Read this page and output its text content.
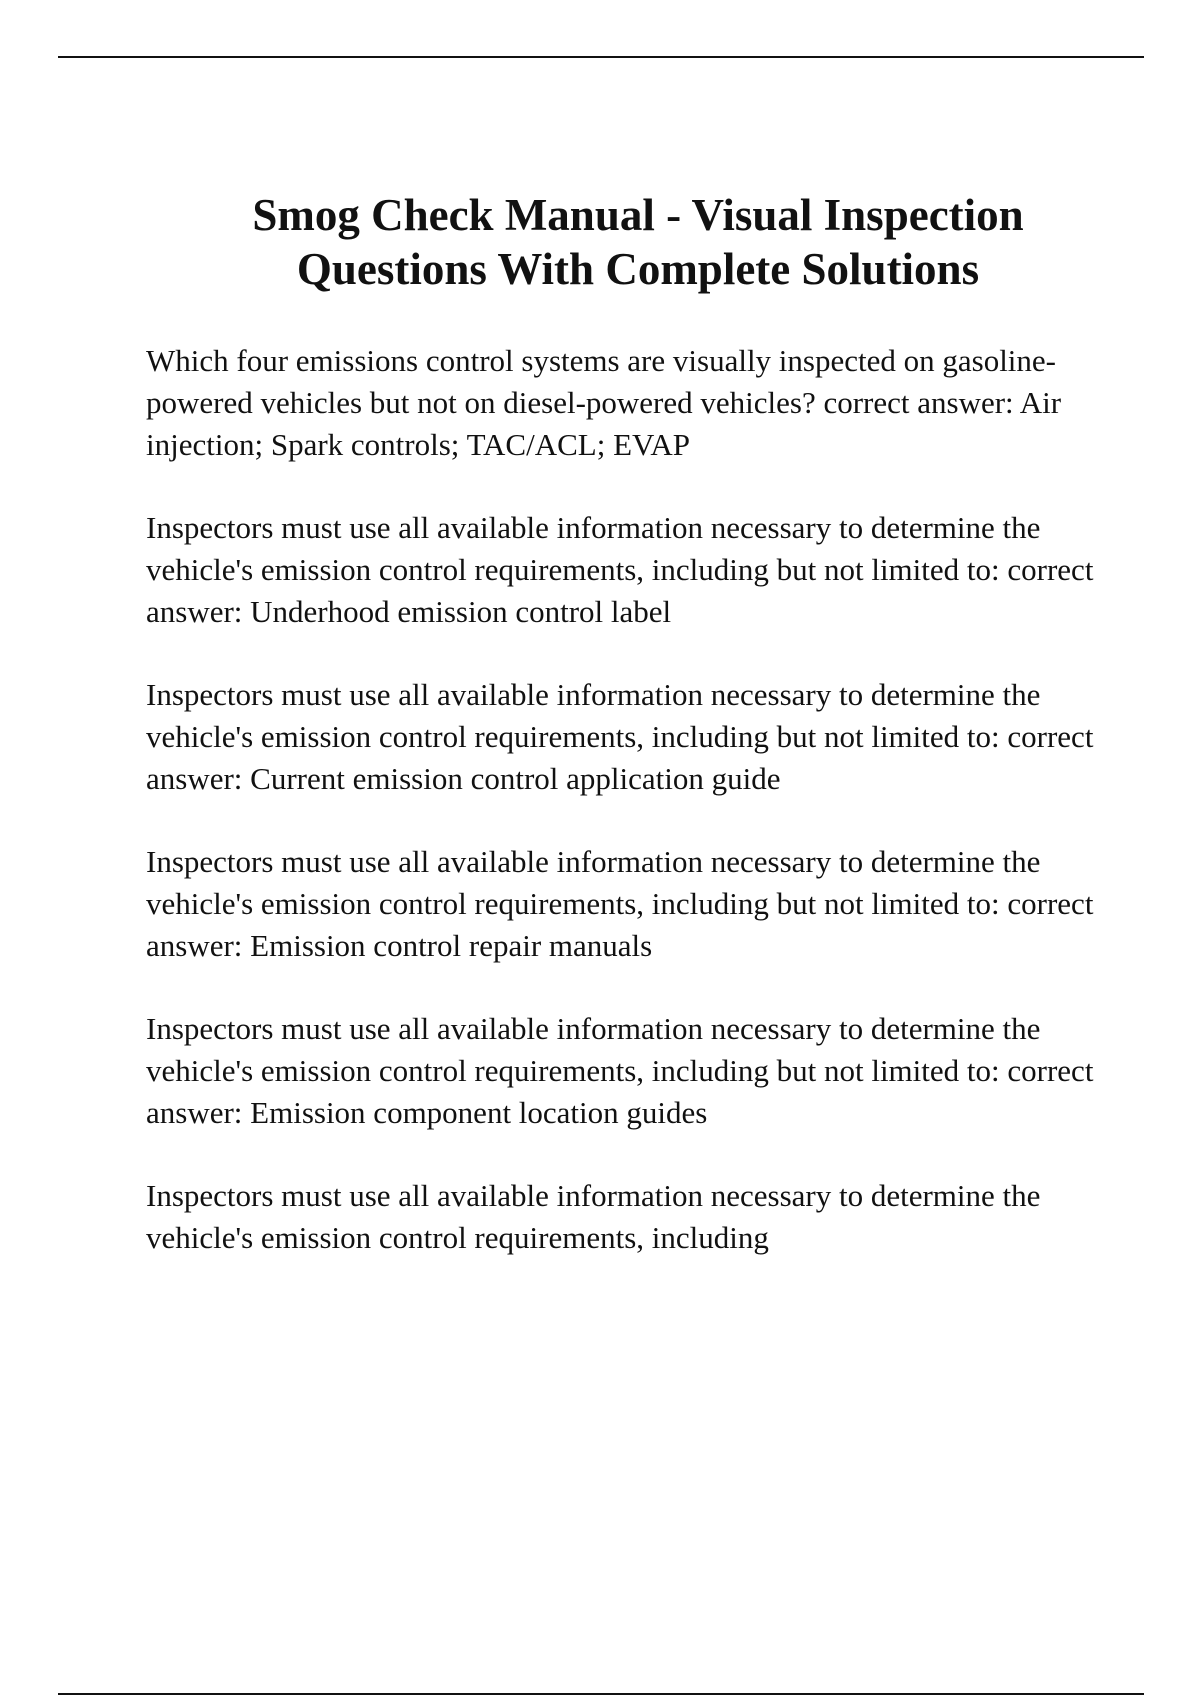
Smog Check Manual - Visual Inspection
Questions With Complete Solutions

Which four emissions control systems are visually inspected on gasoline-powered vehicles but not on diesel-powered vehicles? correct answer: Air injection; Spark controls; TAC/ACL; EVAP

Inspectors must use all available information necessary to determine the vehicle's emission control requirements, including but not limited to: correct answer: Underhood emission control label

Inspectors must use all available information necessary to determine the vehicle's emission control requirements, including but not limited to: correct answer: Current emission control application guide

Inspectors must use all available information necessary to determine the vehicle's emission control requirements, including but not limited to: correct answer: Emission control repair manuals

Inspectors must use all available information necessary to determine the vehicle's emission control requirements, including but not limited to: correct answer: Emission component location guides

Inspectors must use all available information necessary to determine the vehicle's emission control requirements, including
